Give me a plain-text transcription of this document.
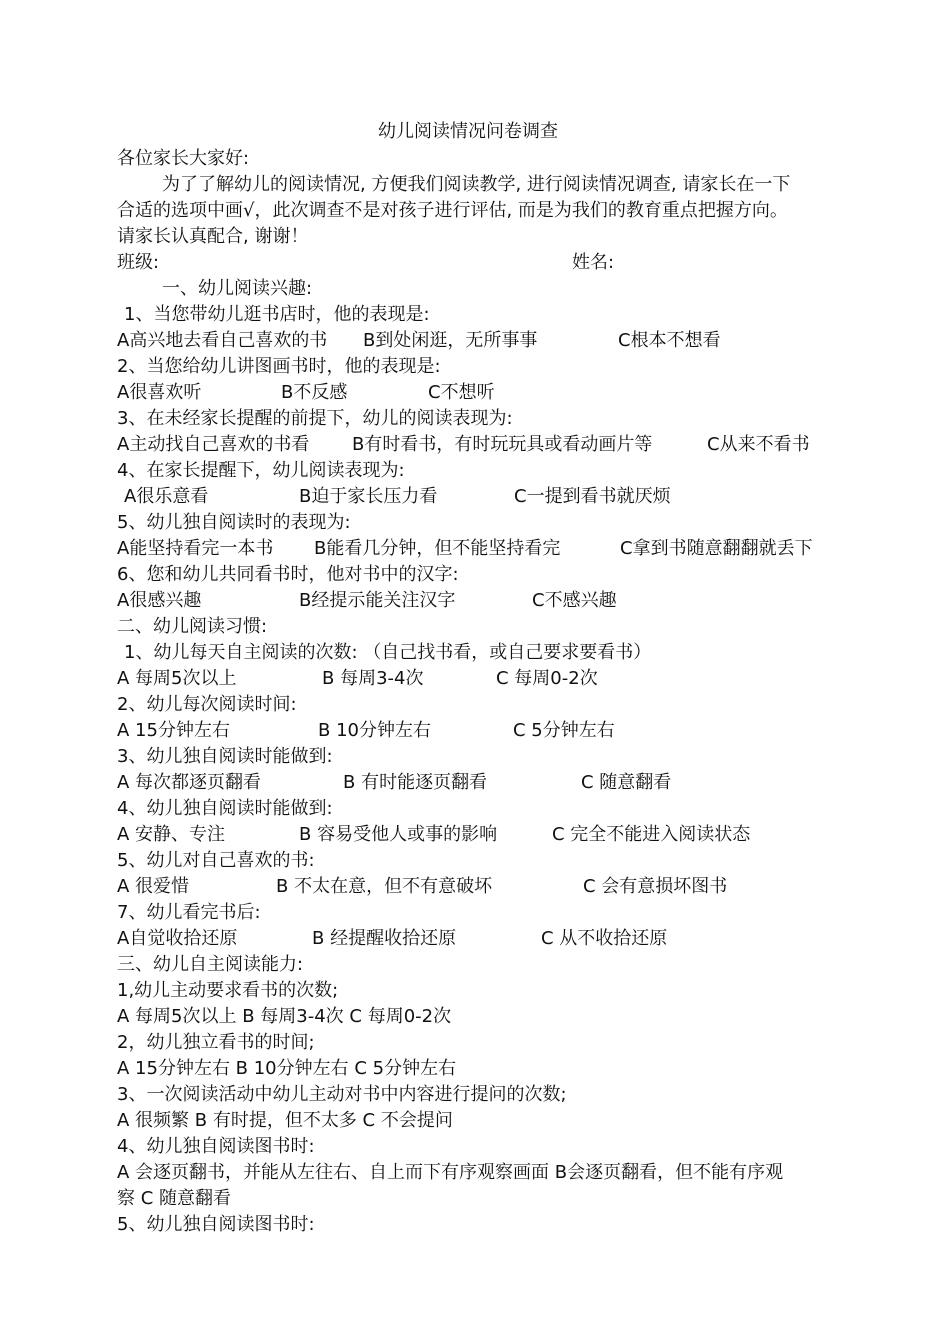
幼儿阅读情况问卷调查
各位家长大家好:
为了了解幼儿的阅读情况, 方便我们阅读教学, 进行阅读情况调查, 请家长在一下
合适的选项中画√，此次调查不是对孩子进行评估, 而是为我们的教育重点把握方向。
请家长认真配合, 谢谢！
班级:	姓名:
一、幼儿阅读兴趣:
1、当您带幼儿逛书店时，他的表现是:
A高兴地去看自己喜欢的书 B到处闲逛，无所事事	C根本不想看
2、当您给幼儿讲图画书时，他的表现是:
A很喜欢听	B不反感	C不想听
3、在未经家长提醒的前提下，幼儿的阅读表现为:
A主动找自己喜欢的书看 B有时看书，有时玩玩具或看动画片等	C从来不看书
4、在家长提醒下，幼儿阅读表现为:
A很乐意看	B迫于家长压力看	C一提到看书就厌烦
5、幼儿独自阅读时的表现为:
A能坚持看完一本书 B能看几分钟，但不能坚持看完	C拿到书随意翻翻就丢下
6、您和幼儿共同看书时，他对书中的汉字:
A很感兴趣	B经提示能关注汉字	C不感兴趣
二、幼儿阅读习惯:
1、幼儿每天自主阅读的次数: （自己找书看，或自己要求要看书）
A 每周5次以上	B 每周3-4次	C 每周0-2次
2、幼儿每次阅读时间:
A 15分钟左右	B 10分钟左右	C 5分钟左右
3、幼儿独自阅读时能做到:
A 每次都逐页翻看	B 有时能逐页翻看	C 随意翻看
4、幼儿独自阅读时能做到:
A 安静、专注	B 容易受他人或事的影响	C 完全不能进入阅读状态
5、幼儿对自己喜欢的书:
A 很爱惜	B 不太在意，但不有意破坏	C 会有意损坏图书
7、幼儿看完书后:
A自觉收拾还原	B 经提醒收拾还原	C 从不收拾还原
三、幼儿自主阅读能力:
1,幼儿主动要求看书的次数;
A 每周5次以上 B 每周3-4次 C 每周0-2次
2，幼儿独立看书的时间;
A 15分钟左右 B 10分钟左右 C 5分钟左右
3、一次阅读活动中幼儿主动对书中内容进行提问的次数;
A 很频繁 B 有时提，但不太多 C 不会提问
4、幼儿独自阅读图书时:
A 会逐页翻书，并能从左往右、自上而下有序观察画面 B会逐页翻看，但不能有序观
察 C 随意翻看
5、幼儿独自阅读图书时:
